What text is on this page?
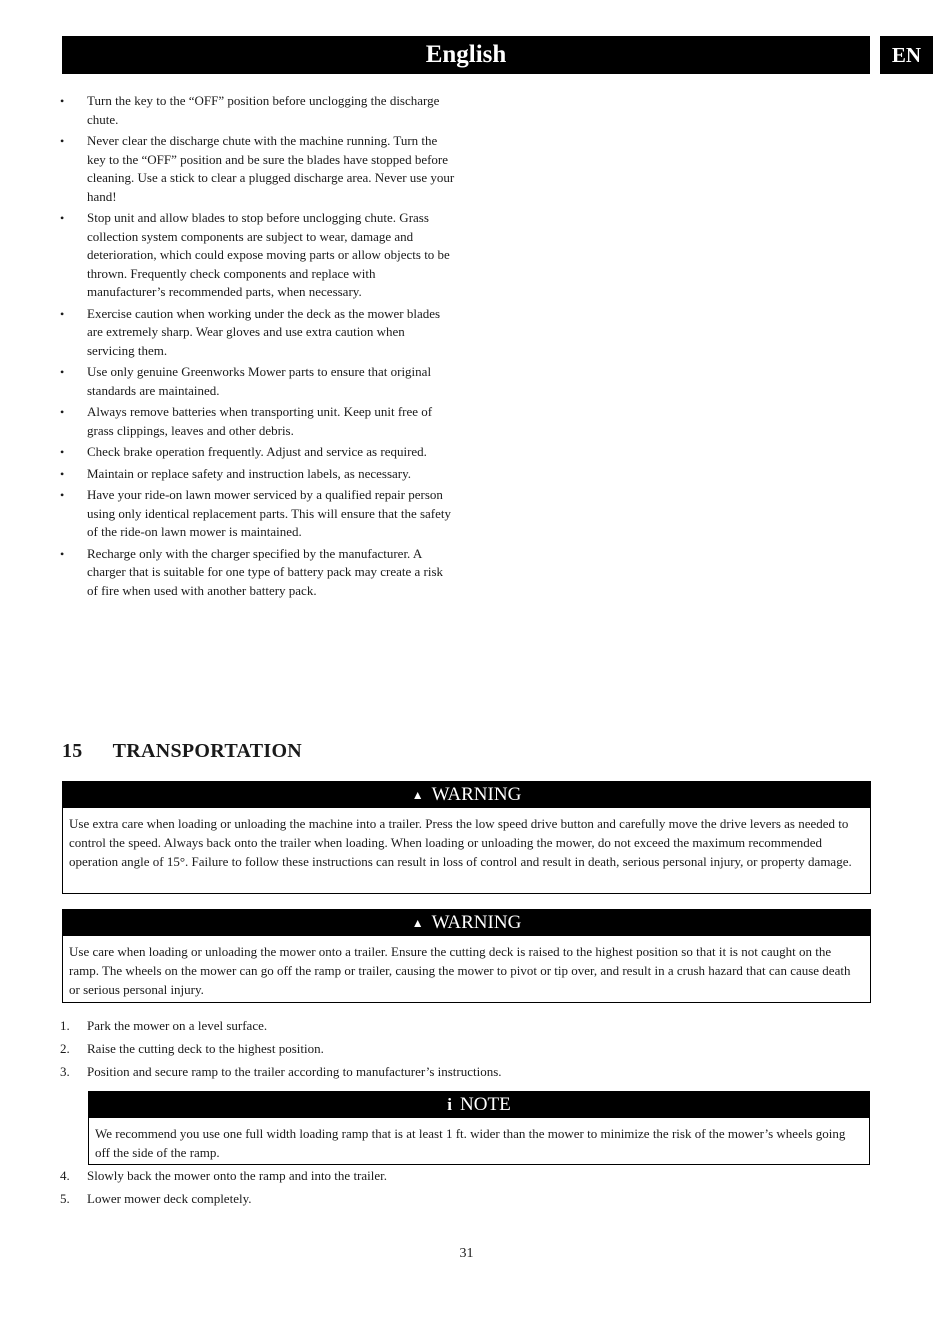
English	EN
• Turn the key to the “OFF” position before unclogging the discharge chute.
• Never clear the discharge chute with the machine running. Turn the key to the “OFF” position and be sure the blades have stopped before cleaning. Use a stick to clear a plugged discharge area. Never use your hand!
• Stop unit and allow blades to stop before unclogging chute. Grass collection system components are subject to wear, damage and deterioration, which could expose moving parts or allow objects to be thrown. Frequently check components and replace with manufacturer’s recommended parts, when necessary.
• Exercise caution when working under the deck as the mower blades are extremely sharp. Wear gloves and use extra caution when servicing them.
• Use only genuine Greenworks Mower parts to ensure that original standards are maintained.
• Always remove batteries when transporting unit. Keep unit free of grass clippings, leaves and other debris.
• Check brake operation frequently. Adjust and service as required.
• Maintain or replace safety and instruction labels, as necessary.
• Have your ride-on lawn mower serviced by a qualified repair person using only identical replacement parts. This will ensure that the safety of the ride-on lawn mower is maintained.
• Recharge only with the charger specified by the manufacturer. A charger that is suitable for one type of battery pack may create a risk of fire when used with another battery pack.
15 TRANSPORTATION
▲ WARNING
Use extra care when loading or unloading the machine into a trailer. Press the low speed drive button and carefully move the drive levers as needed to control the speed. Always back onto the trailer when loading. When loading or unloading the mower, do not exceed the maximum recommended operation angle of 15°. Failure to follow these instructions can result in loss of control and result in death, serious personal injury, or property damage.
▲ WARNING
Use care when loading or unloading the mower onto a trailer. Ensure the cutting deck is raised to the highest position so that it is not caught on the ramp. The wheels on the mower can go off the ramp or trailer, causing the mower to pivot or tip over, and result in a crush hazard that can cause death or serious personal injury.
1.	Park the mower on a level surface.
2.	Raise the cutting deck to the highest position.
3.	Position and secure ramp to the trailer according to manufacturer’s instructions.
i NOTE
We recommend you use one full width loading ramp that is at least 1 ft. wider than the mower to minimize the risk of the mower’s wheels going off the side of the ramp.
4.	Slowly back the mower onto the ramp and into the trailer.
5.	Lower mower deck completely.
31
